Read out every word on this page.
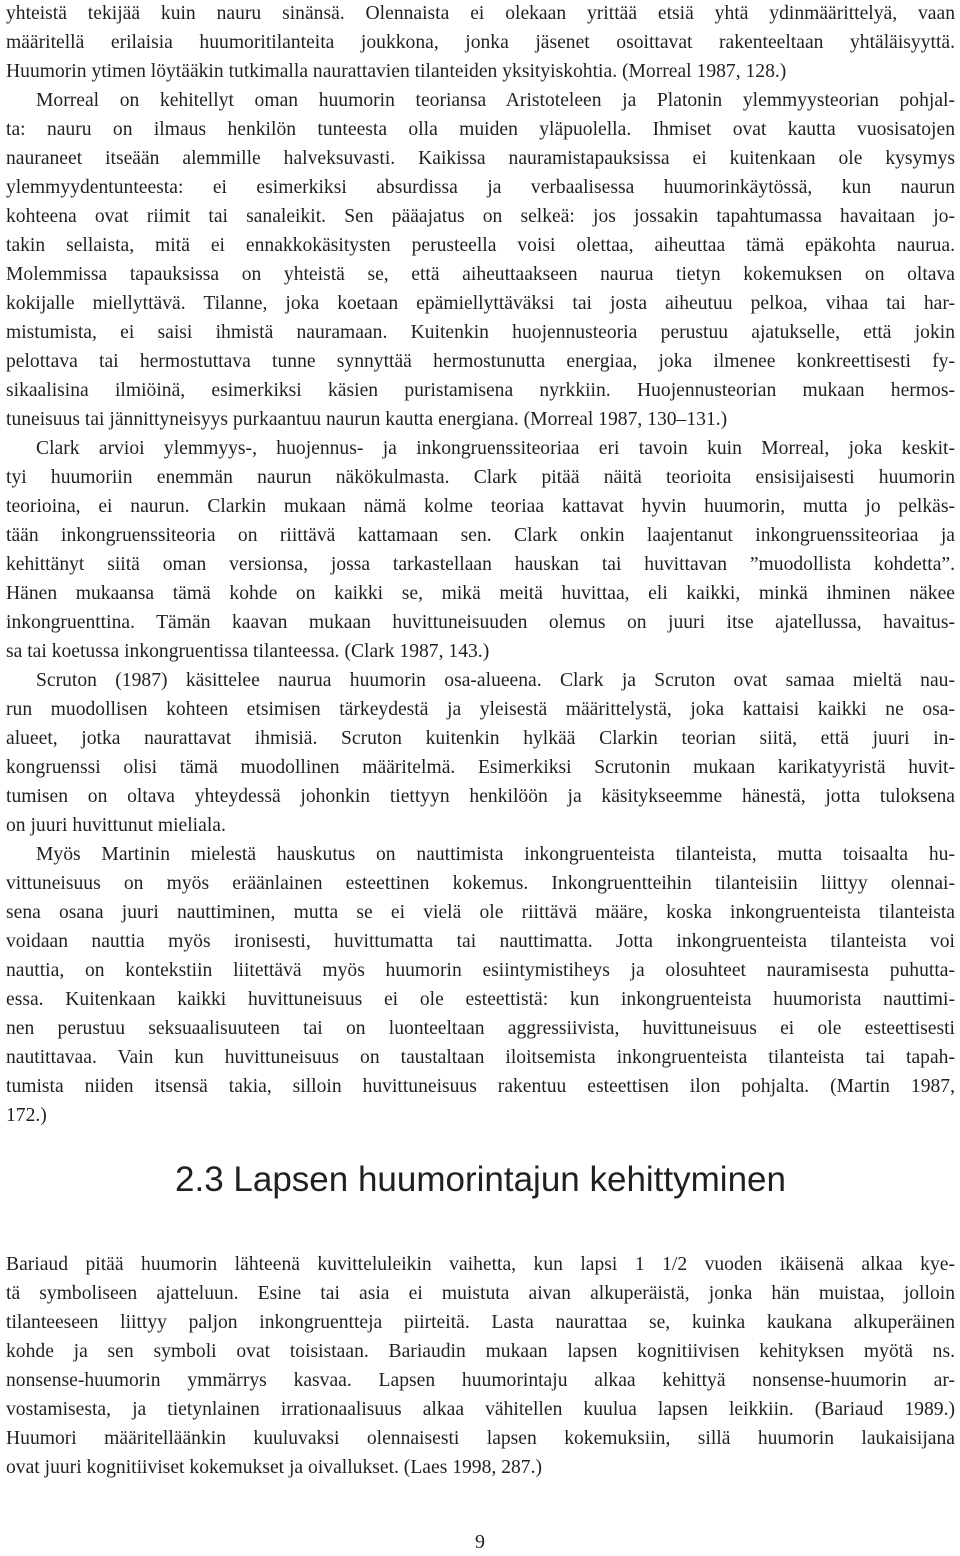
yhteistä tekijää kuin nauru sinänsä. Olennaista ei olekaan yrittää etsiä yhtä ydinmäärittelyä, vaan
määritellä erilaisia huumoritilanteita joukkona, jonka jäsenet osoittavat rakenteeltaan yhtäläisyyttä.
Huumorin ytimen löytääkin tutkimalla naurattavien tilanteiden yksityiskohtia. (Morreal 1987, 128.)
Morreal on kehitellyt oman huumorin teoriansa Aristoteleen ja Platonin ylemmyysteorian pohjal-
ta: nauru on ilmaus henkilön tunteesta olla muiden yläpuolella. Ihmiset ovat kautta vuosisatojen
nauraneet itseään alemmille halveksuvasti. Kaikissa nauramistapauksissa ei kuitenkaan ole kysymys
ylemmyydentunteesta: ei esimerkiksi absurdissa ja verbaalisessa huumorinkäytössä, kun naurun
kohteena ovat riimit tai sanaleikit. Sen pääajatus on selkeä: jos jossakin tapahtumassa havaitaan jo-
takin sellaista, mitä ei ennakkokäsitysten perusteella voisi olettaa, aiheuttaa tämä epäkohta naurua.
Molemmissa tapauksissa on yhteistä se, että aiheuttaakseen naurua tietyn kokemuksen on oltava
kokijalle miellyttävä. Tilanne, joka koetaan epämiellyttäväksi tai josta aiheutuu pelkoa, vihaa tai har-
mistumista, ei saisi ihmistä nauramaan. Kuitenkin huojennusteoria perustuu ajatukselle, että jokin
pelottava tai hermostuttava tunne synnyttää hermostunutta energiaa, joka ilmenee konkreettisesti fy-
sikaalisina ilmiöinä, esimerkiksi käsien puristamisena nyrkkiin. Huojennusteorian mukaan hermos-
tuneisuus tai jännittyneisyys purkaantuu naurun kautta energiana. (Morreal 1987, 130–131.)
Clark arvioi ylemmyys-, huojennus- ja inkongruenssiteoriaa eri tavoin kuin Morreal, joka keskit-
tyi huumoriin enemmän naurun näkökulmasta. Clark pitää näitä teorioita ensisijaisesti huumorin
teorioina, ei naurun. Clarkin mukaan nämä kolme teoriaa kattavat hyvin huumorin, mutta jo pelkäs-
tään inkongruenssiteoria on riittävä kattamaan sen. Clark onkin laajentanut inkongruenssiteoriaa ja
kehittänyt siitä oman versionsa, jossa tarkastellaan hauskan tai huvittavan ”muodollista kohdetta”.
Hänen mukaansa tämä kohde on kaikki se, mikä meitä huvittaa, eli kaikki, minkä ihminen näkee
inkongruenttina. Tämän kaavan mukaan huvittuneisuuden olemus on juuri itse ajatellussa, havaitus-
sa tai koetussa inkongruentissa tilanteessa. (Clark 1987, 143.)
Scruton (1987) käsittelee naurua huumorin osa-alueena. Clark ja Scruton ovat samaa mieltä nau-
run muodollisen kohteen etsimisen tärkeydestä ja yleisestä määrittelystä, joka kattaisi kaikki ne osa-
alueet, jotka naurattavat ihmisiä. Scruton kuitenkin hylkää Clarkin teorian siitä, että juuri in-
kongruenssi olisi tämä muodollinen määritelmä. Esimerkiksi Scrutonin mukaan karikatyyristä huvit-
tumisen on oltava yhteydessä johonkin tiettyyn henkilöön ja käsitykseemme hänestä, jotta tuloksena
on juuri huvittunut mieliala.
Myös Martinin mielestä hauskutus on nauttimista inkongruenteista tilanteista, mutta toisaalta hu-
vittuneisuus on myös eräänlainen esteettinen kokemus. Inkongruentteihin tilanteisiin liittyy olennai-
sena osana juuri nauttiminen, mutta se ei vielä ole riittävä määre, koska inkongruenteista tilanteista
voidaan nauttia myös ironisesti, huvittumatta tai nauttimatta. Jotta inkongruenteista tilanteista voi
nauttia, on kontekstiin liitettävä myös huumorin esiintymistiheys ja olosuhteet nauramisesta puhutta-
essa. Kuitenkaan kaikki huvittuneisuus ei ole esteettistä: kun inkongruenteista huumorista nauttimi-
nen perustuu seksuaalisuuteen tai on luonteeltaan aggressiivista, huvittuneisuus ei ole esteettisesti
nautittavaa. Vain kun huvittuneisuus on taustaltaan iloitsemista inkongruenteista tilanteista tai tapah-
tumista niiden itsensä takia, silloin huvittuneisuus rakentuu esteettisen ilon pohjalta. (Martin 1987,
172.)
2.3 Lapsen huumorintajun kehittyminen
Bariaud pitää huumorin lähteenä kuvitteluleikin vaihetta, kun lapsi 1 1/2 vuoden ikäisenä alkaa kye-
tä symboliseen ajatteluun. Esine tai asia ei muistuta aivan alkuperäistä, jonka hän muistaa, jolloin
tilanteeseen liittyy paljon inkongruentteja piirteitä. Lasta naurattaa se, kuinka kaukana alkuperäinen
kohde ja sen symboli ovat toisistaan. Bariaudin mukaan lapsen kognitiivisen kehityksen myötä ns.
nonsense-huumorin ymmärrys kasvaa. Lapsen huumorintaju alkaa kehittyä nonsense-huumorin ar-
vostamisesta, ja tietynlainen irrationaalisuus alkaa vähitellen kuulua lapsen leikkiin. (Bariaud 1989.)
Huumori määritelläänkin kuuluvaksi olennaisesti lapsen kokemuksiin, sillä huumorin laukaisijana
ovat juuri kognitiiviset kokemukset ja oivallukset. (Laes 1998, 287.)
9
